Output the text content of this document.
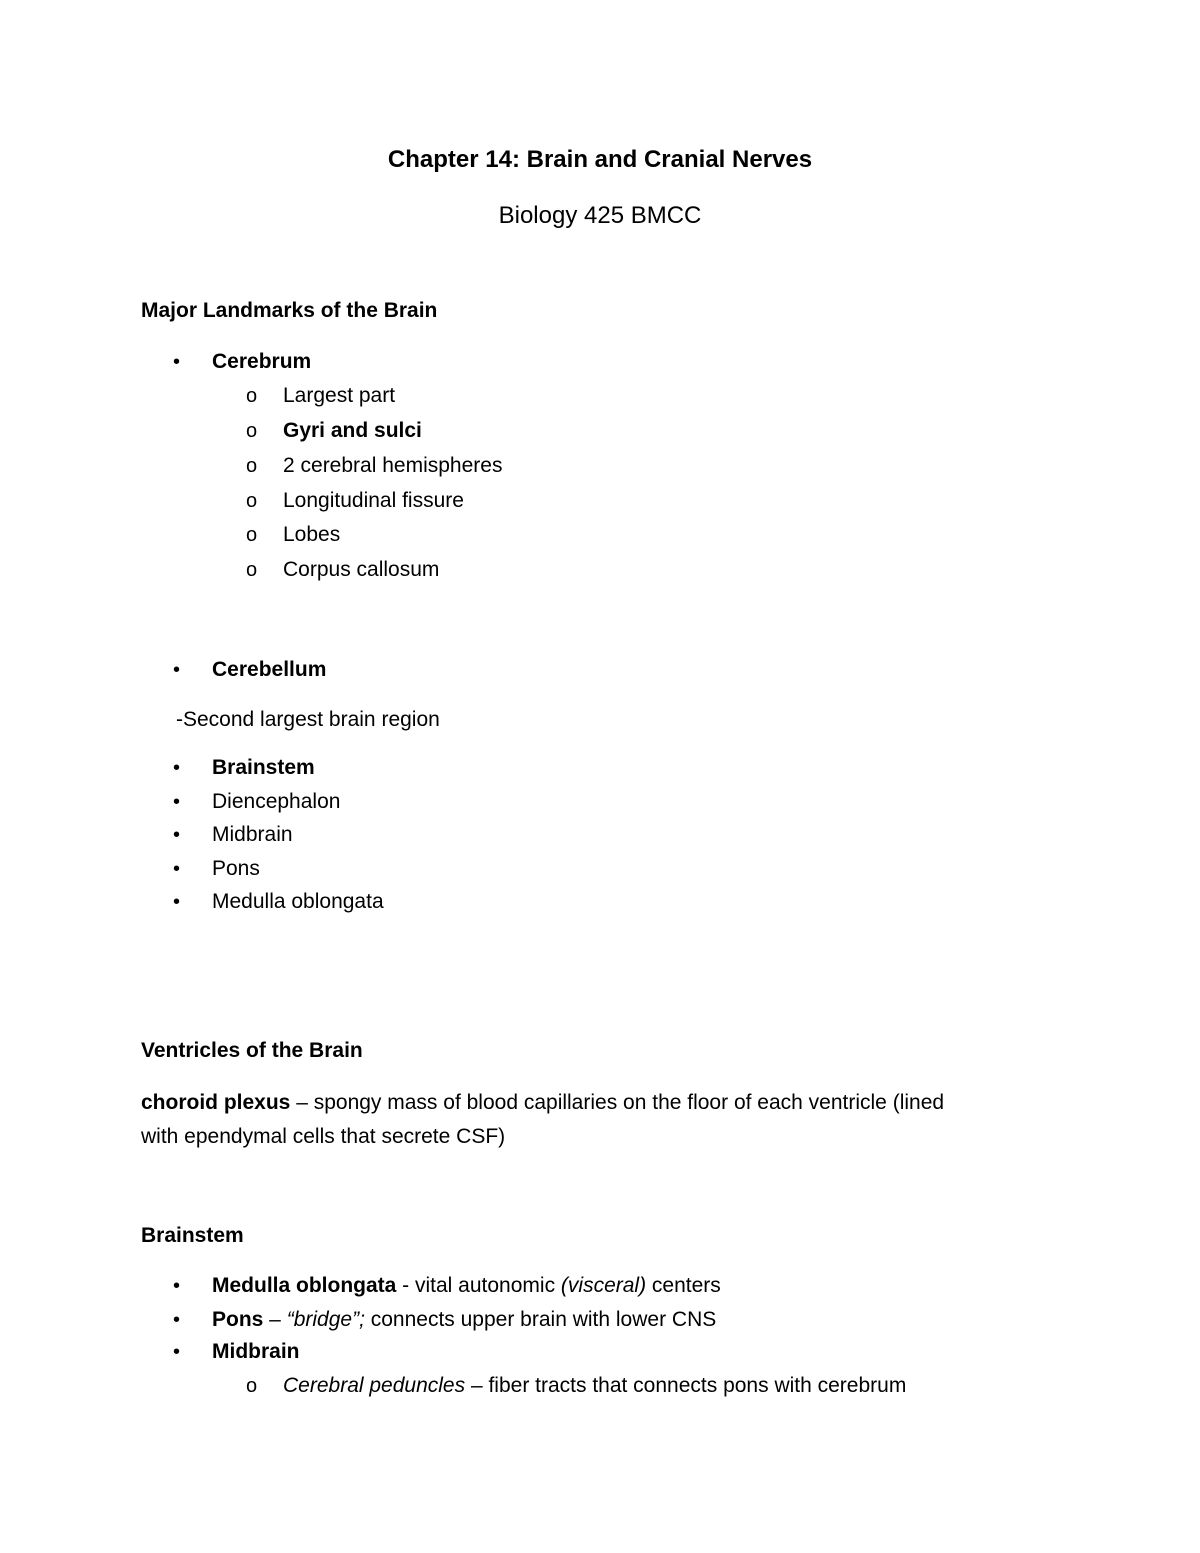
Chapter 14: Brain and Cranial Nerves
Biology 425 BMCC
Major Landmarks of the Brain
•	Cerebrum
o Largest part
o Gyri and sulci
o 2 cerebral hemispheres
o Longitudinal fissure
o Lobes
o Corpus callosum
•	Cerebellum
-Second largest brain region
•	Brainstem
•	Diencephalon
•	Midbrain
•	Pons
•	Medulla oblongata
Ventricles of the Brain
choroid plexus – spongy mass of blood capillaries on the floor of each ventricle (lined
with ependymal cells that secrete CSF)
Brainstem
•	Medulla oblongata - vital autonomic (visceral) centers
•	Pons – “bridge”; connects upper brain with lower CNS
•	Midbrain
o Cerebral peduncles – fiber tracts that connects pons with cerebrum
